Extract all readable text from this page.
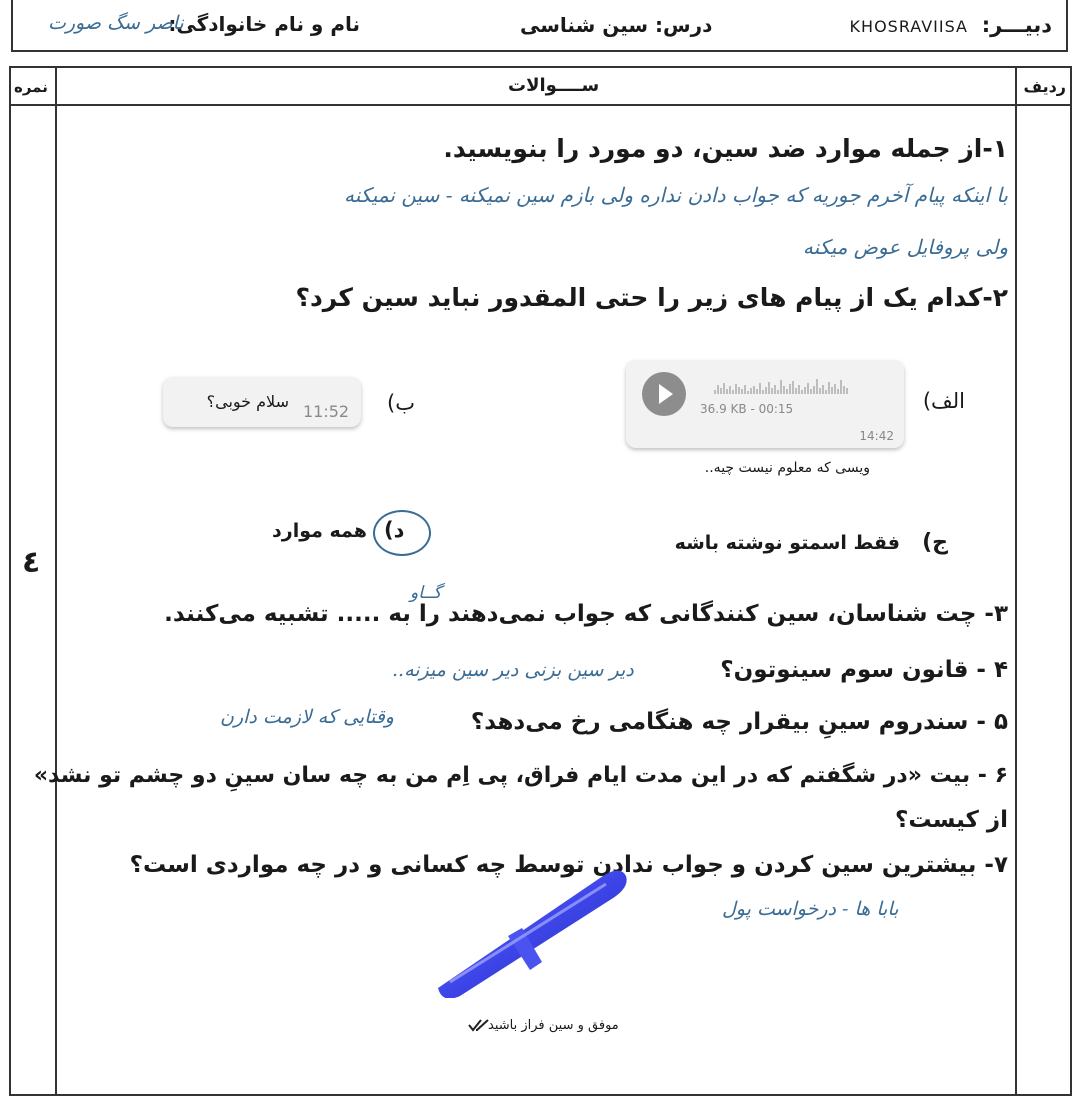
دبیـــر:
KHOSRAVIISA
درس: سین شناسی
نام و نام خانوادگی:
ناصر سگ‌ صورت
ردیف
ســــوالات
نمره
٤
۱-از جمله موارد ضد سین، دو مورد را بنویسید.
با اینکه پیام آخرم جوریه که جواب دادن نداره ولی بازم سین نمیکنه - سین نمیکنه
ولی پروفایل عوض میکنه
۲-کدام یک از پیام های زیر را حتی المقدور نباید سین کرد؟
الف)
36.9 KB - 00:15
14:42
ویسی که معلوم نیست چیه..
ب)
سلام خوبی؟
11:52
ج)
فقط اسمتو نوشته باشه
د)
همه موارد
۳- چت شناسان، سین کنندگانی که جواب نمی‌دهند را به ..... تشبیه می‌کنند.
گــاو
۴ - قانون سوم سینوتون؟
دیر سین بزنی دیر سین میزنه..
۵ - سندروم سینِ بیقرار چه هنگامی رخ می‌دهد؟
وقتایی که لازمت دارن
۶ - بیت «در شگفتم که در این مدت ایام فراق، پی اِم من به چه سان سینِ دو چشم تو نشد»
از کیست؟
۷- بیشترین سین کردن و جواب ندادن توسط چه کسانی و در چه مواردی است؟
بابا ها - درخواست پول
موفق و سین فراز باشید
